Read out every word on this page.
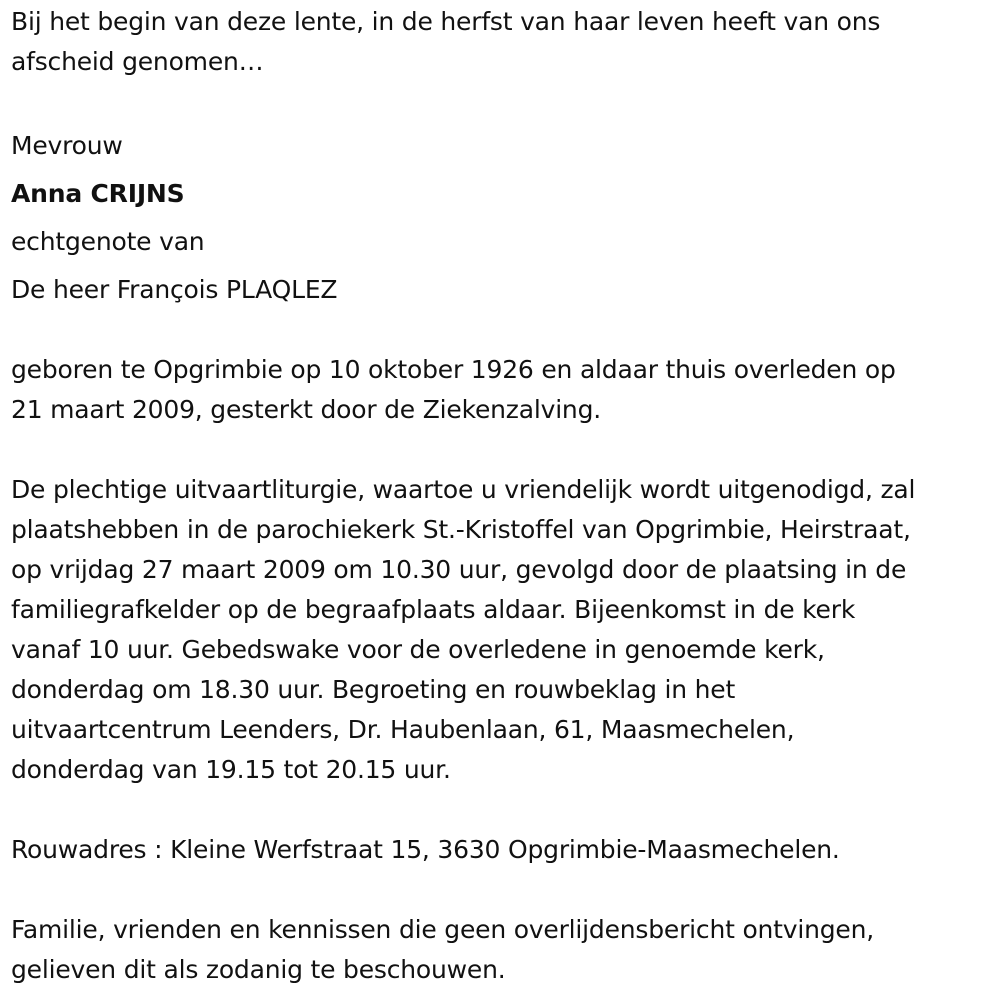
Bij het begin van deze lente, in de herfst van haar leven heeft van ons
afscheid genomen…

Mevrouw
Anna CRIJNS
echtgenote van
De heer François PLAQLEZ

geboren te Opgrimbie op 10 oktober 1926 en aldaar thuis overleden op
21 maart 2009, gesterkt door de Ziekenzalving.

De plechtige uitvaartliturgie, waartoe u vriendelijk wordt uitgenodigd, zal
plaatshebben in de parochiekerk St.-Kristoffel van Opgrimbie, Heirstraat,
op vrijdag 27 maart 2009 om 10.30 uur, gevolgd door de plaatsing in de
familiegrafkelder op de begraafplaats aldaar. Bijeenkomst in de kerk
vanaf 10 uur. Gebedswake voor de overledene in genoemde kerk,
donderdag om 18.30 uur. Begroeting en rouwbeklag in het
uitvaartcentrum Leenders, Dr. Haubenlaan, 61, Maasmechelen,
donderdag van 19.15 tot 20.15 uur.

Rouwadres : Kleine Werfstraat 15, 3630 Opgrimbie-Maasmechelen.

Familie, vrienden en kennissen die geen overlijdensbericht ontvingen,
gelieven dit als zodanig te beschouwen.
